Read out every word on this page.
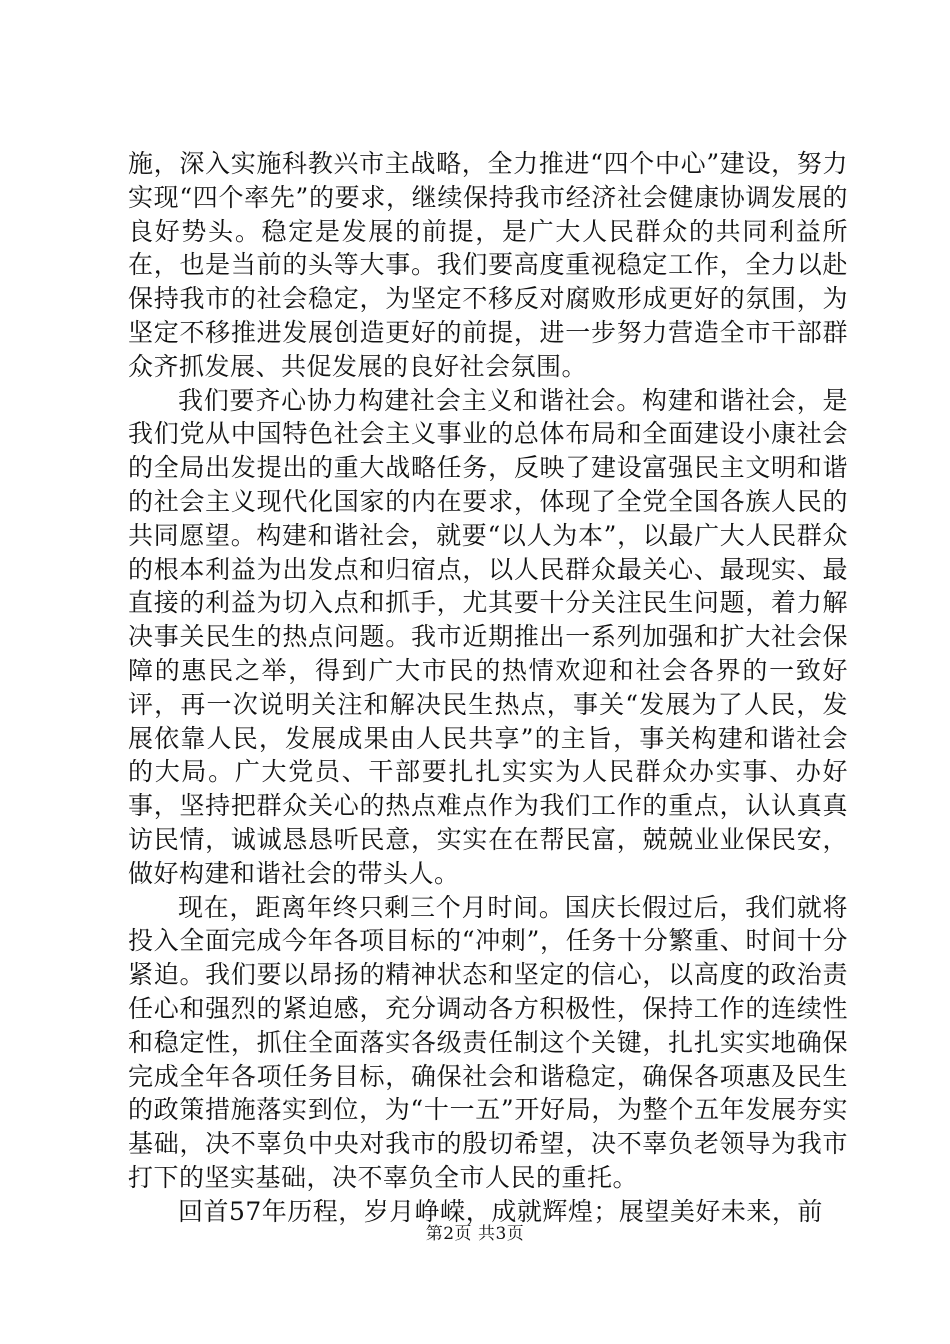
施，深入实施科教兴市主战略，全力推进“四个中心”建设，努力实现“四个率先”的要求，继续保持我市经济社会健康协调发展的良好势头。稳定是发展的前提，是广大人民群众的共同利益所在，也是当前的头等大事。我们要高度重视稳定工作，全力以赴保持我市的社会稳定，为坚定不移反对腐败形成更好的氛围，为坚定不移推进发展创造更好的前提，进一步努力营造全市干部群众齐抓发展、共促发展的良好社会氛围。

我们要齐心协力构建社会主义和谐社会。构建和谐社会，是我们党从中国特色社会主义事业的总体布局和全面建设小康社会的全局出发提出的重大战略任务，反映了建设富强民主文明和谐的社会主义现代化国家的内在要求，体现了全党全国各族人民的共同愿望。构建和谐社会，就要“以人为本”，以最广大人民群众的根本利益为出发点和归宿点，以人民群众最关心、最现实、最直接的利益为切入点和抓手，尤其要十分关注民生问题，着力解决事关民生的热点问题。我市近期推出一系列加强和扩大社会保障的惠民之举，得到广大市民的热情欢迎和社会各界的一致好评，再一次说明关注和解决民生热点，事关“发展为了人民，发展依靠人民，发展成果由人民共享”的主旨，事关构建和谐社会的大局。广大党员、干部要扎扎实实为人民群众办实事、办好事，坚持把群众关心的热点难点作为我们工作的重点，认认真真访民情，诚诚恳恳听民意，实实在在帮民富，兢兢业业保民安，做好构建和谐社会的带头人。

现在，距离年终只剩三个月时间。国庆长假过后，我们就将投入全面完成今年各项目标的“冲刺”，任务十分繁重、时间十分紧迫。我们要以昂扬的精神状态和坚定的信心，以高度的政治责任心和强烈的紧迫感，充分调动各方积极性，保持工作的连续性和稳定性，抓住全面落实各级责任制这个关键，扎扎实实地确保完成全年各项任务目标，确保社会和谐稳定，确保各项惠及民生的政策措施落实到位，为“十一五”开好局，为整个五年发展夯实基础，决不辜负中央对我市的殷切希望，决不辜负老领导为我市打下的坚实基础，决不辜负全市人民的重托。

回首57年历程，岁月峥嵘，成就辉煌；展望美好未来，前

第2页 共3页
